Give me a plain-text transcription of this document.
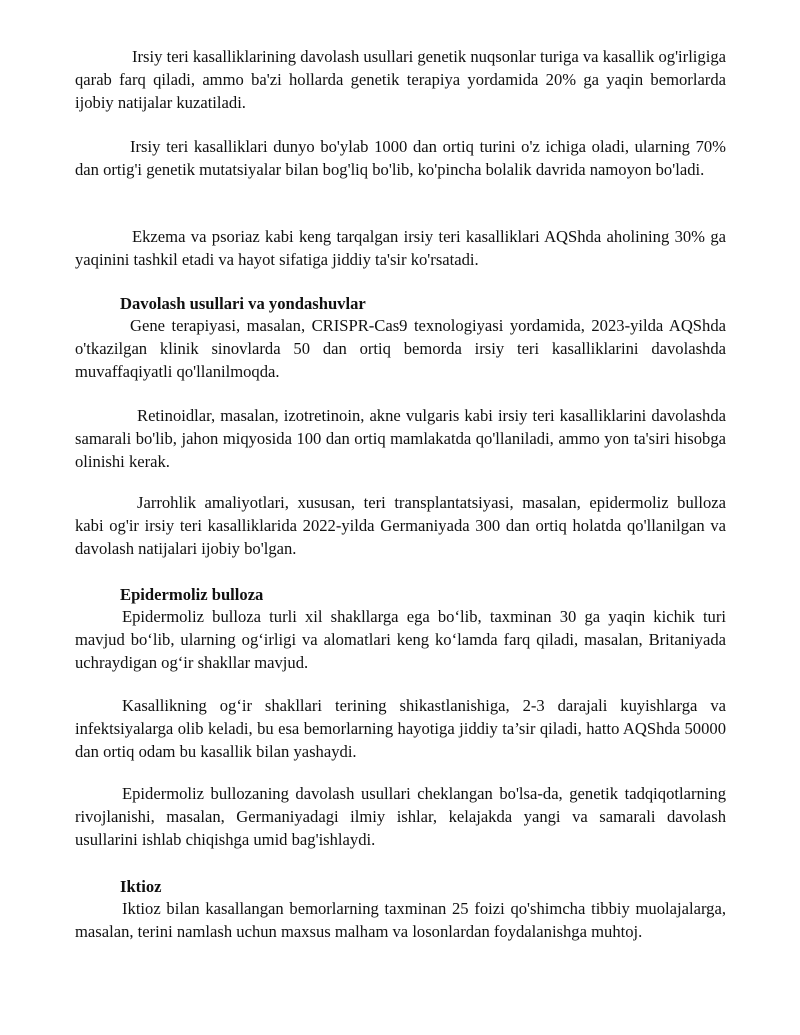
Irsiy teri kasalliklarining davolash usullari genetik nuqsonlar turiga va kasallik og'irligiga qarab farq qiladi, ammo ba'zi hollarda genetik terapiya yordamida 20% ga yaqin bemorlarda ijobiy natijalar kuzatiladi.

Irsiy teri kasalliklari dunyo bo'ylab 1000 dan ortiq turini o'z ichiga oladi, ularning 70% dan ortig'i genetik mutatsiyalar bilan bog'liq bo'lib, ko'pincha bolalik davrida namoyon bo'ladi.

Ekzema va psoriaz kabi keng tarqalgan irsiy teri kasalliklari AQShda aholining 30% ga yaqinini tashkil etadi va hayot sifatiga jiddiy ta'sir ko'rsatadi.

Davolash usullari va yondashuvlar

Gene terapiyasi, masalan, CRISPR-Cas9 texnologiyasi yordamida, 2023-yilda AQShda o'tkazilgan klinik sinovlarda 50 dan ortiq bemorda irsiy teri kasalliklarini davolashda muvaffaqiyatli qo'llanilmoqda.

Retinoidlar, masalan, izotretinoin, akne vulgaris kabi irsiy teri kasalliklarini davolashda samarali bo'lib, jahon miqyosida 100 dan ortiq mamlakatda qo'llaniladi, ammo yon ta'siri hisobga olinishi kerak.

Jarrohlik amaliyotlari, xususan, teri transplantatsiyasi, masalan, epidermoliz bulloza kabi og'ir irsiy teri kasalliklarida 2022-yilda Germaniyada 300 dan ortiq holatda qo'llanilgan va davolash natijalari ijobiy bo'lgan.

Epidermoliz bulloza

Epidermoliz bulloza turli xil shakllarga ega bo‘lib, taxminan 30 ga yaqin kichik turi mavjud bo‘lib, ularning og‘irligi va alomatlari keng ko‘lamda farq qiladi, masalan, Britaniyada uchraydigan og‘ir shakllar mavjud.

Kasallikning og‘ir shakllari terining shikastlanishiga, 2-3 darajali kuyishlarga va infektsiyalarga olib keladi, bu esa bemorlarning hayotiga jiddiy ta’sir qiladi, hatto AQShda 50000 dan ortiq odam bu kasallik bilan yashaydi.

Epidermoliz bullozaning davolash usullari cheklangan bo'lsa-da, genetik tadqiqotlarning rivojlanishi, masalan, Germaniyadagi ilmiy ishlar, kelajakda yangi va samarali davolash usullarini ishlab chiqishga umid bag'ishlaydi.

Iktioz

Iktioz bilan kasallangan bemorlarning taxminan 25 foizi qo'shimcha tibbiy muolajalarga, masalan, terini namlash uchun maxsus malham va losonlardan foydalanishga muhtoj.
